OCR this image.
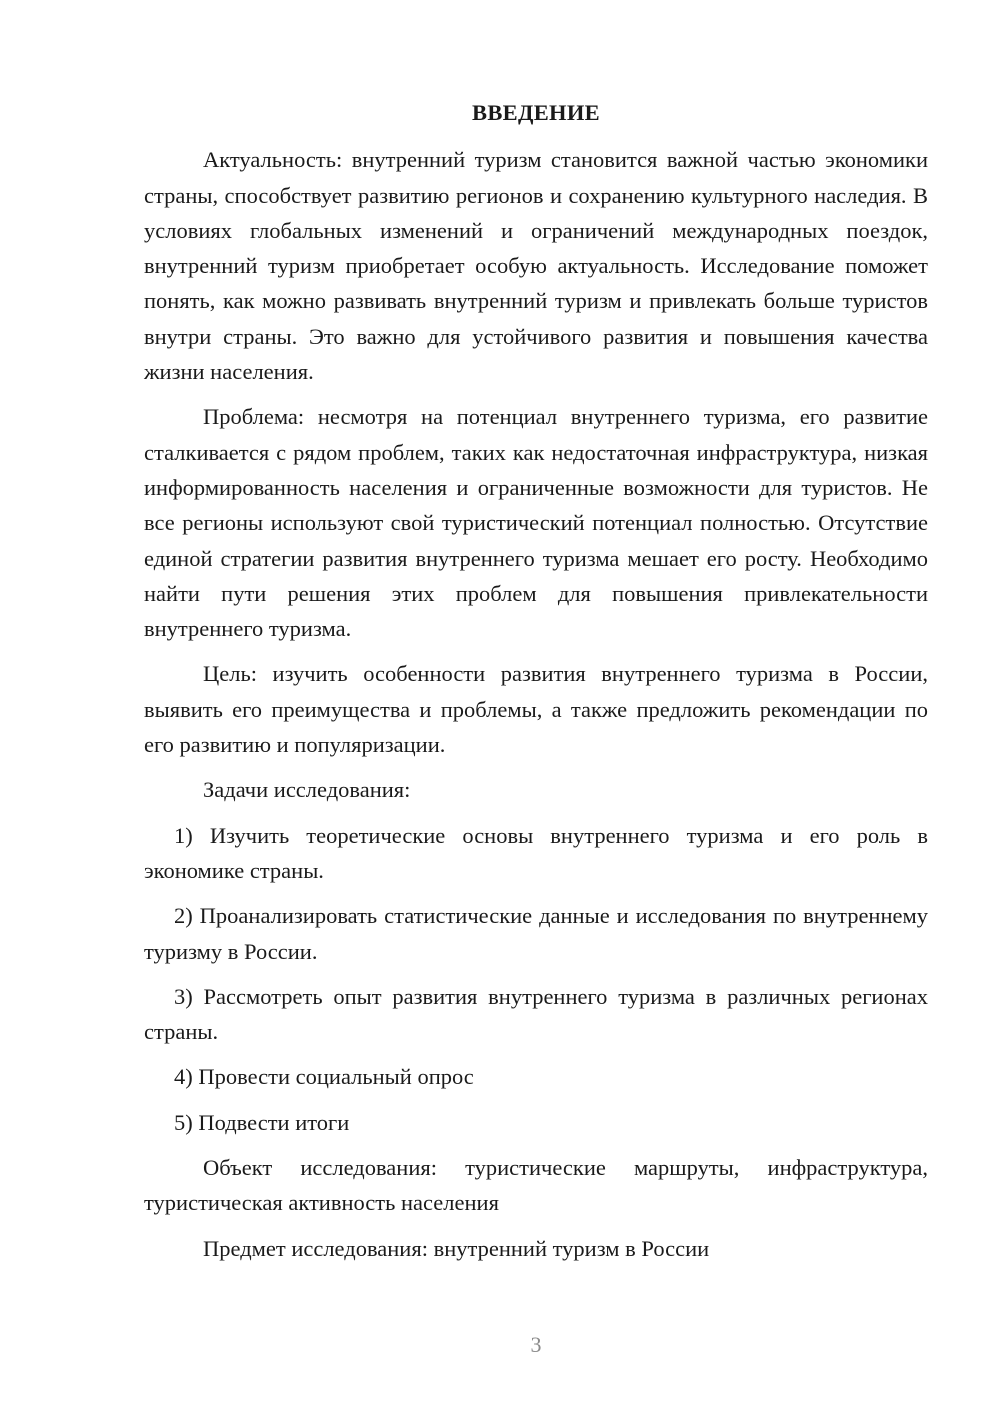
ВВЕДЕНИЕ

Актуальность: внутренний туризм становится важной частью экономики страны, способствует развитию регионов и сохранению культурного наследия. В условиях глобальных изменений и ограничений международных поездок, внутренний туризм приобретает особую актуальность. Исследование поможет понять, как можно развивать внутренний туризм и привлекать больше туристов внутри страны. Это важно для устойчивого развития и повышения качества жизни населения.

Проблема: несмотря на потенциал внутреннего туризма, его развитие сталкивается с рядом проблем, таких как недостаточная инфраструктура, низкая информированность населения и ограниченные возможности для туристов. Не все регионы используют свой туристический потенциал полностью. Отсутствие единой стратегии развития внутреннего туризма мешает его росту. Необходимо найти пути решения этих проблем для повышения привлекательности внутреннего туризма.

Цель: изучить особенности развития внутреннего туризма в России, выявить его преимущества и проблемы, а также предложить рекомендации по его развитию и популяризации.

Задачи исследования:

1) Изучить теоретические основы внутреннего туризма и его роль в экономике страны.

2) Проанализировать статистические данные и исследования по внутреннему туризму в России.

3) Рассмотреть опыт развития внутреннего туризма в различных регионах страны.

4) Провести социальный опрос

5) Подвести итоги

Объект исследования: туристические маршруты, инфраструктура, туристическая активность населения

Предмет исследования: внутренний туризм в России

3
